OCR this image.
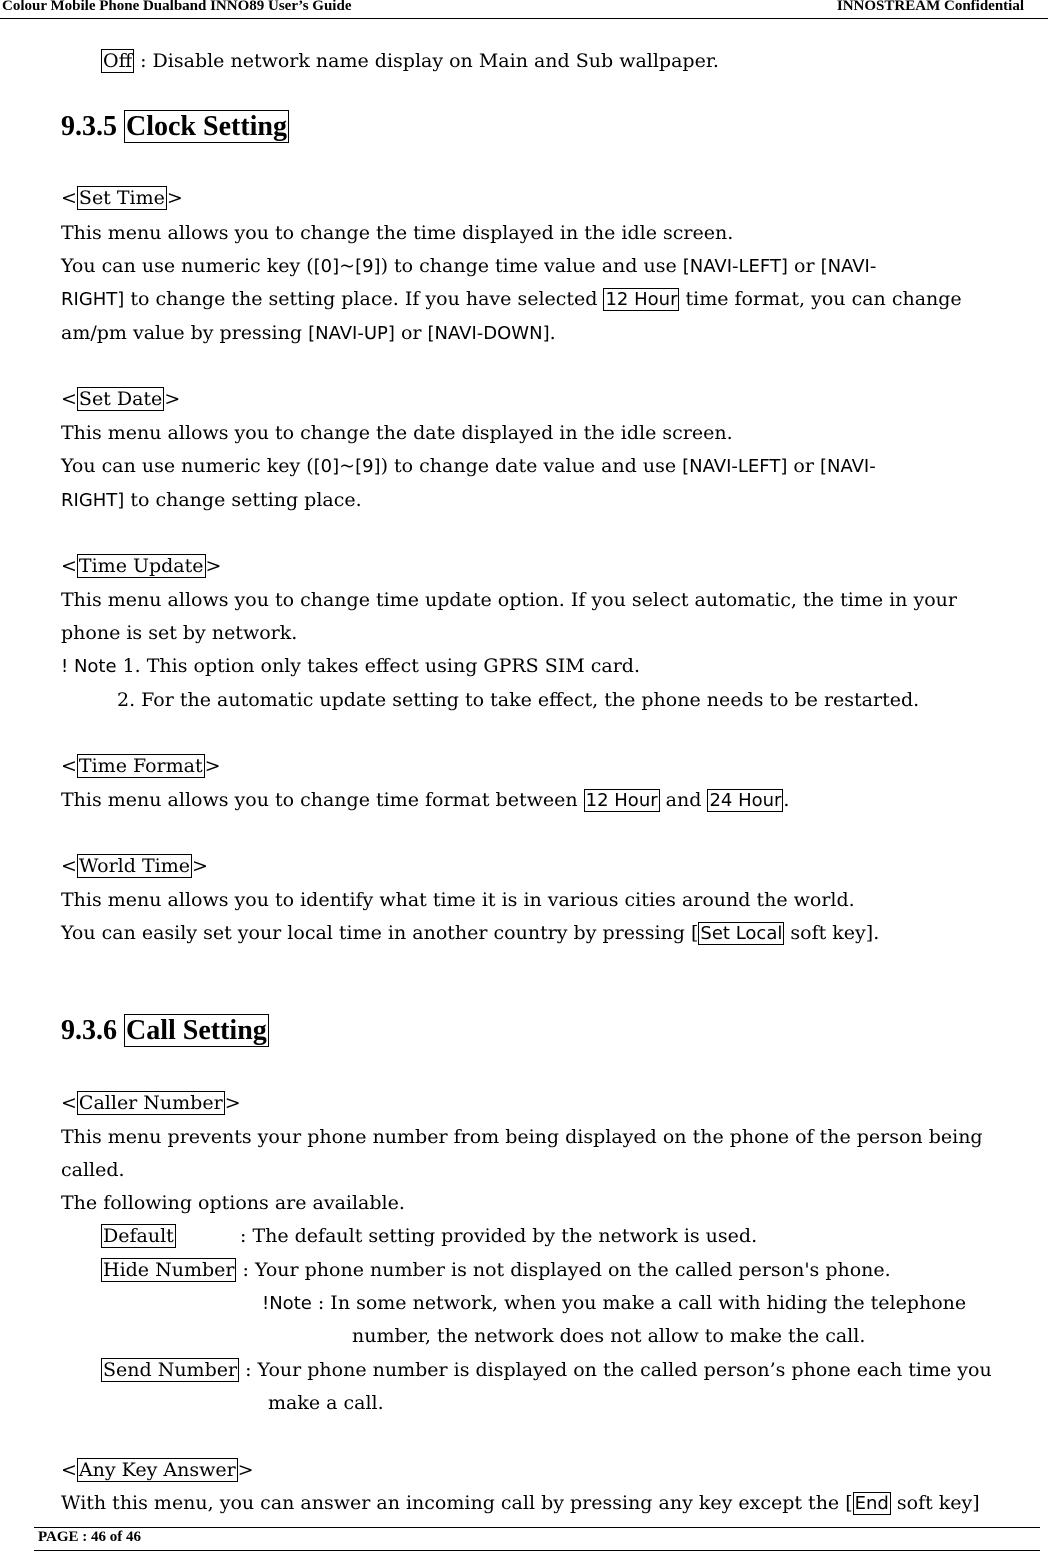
Colour Mobile Phone Dualband INNO89 User’s Guide	INNOSTREAM Confidential
Off : Disable network name display on Main and Sub wallpaper.
9.3.5 Clock Setting
< Set Time >
This menu allows you to change the time displayed in the idle screen.
You can use numeric key ([0]~[9]) to change time value and use [NAVI-LEFT] or [NAVI-
RIGHT] to change the setting place. If you have selected 12 Hour time format, you can change
am/pm value by pressing [NAVI-UP] or [NAVI-DOWN].
< Set Date >
This menu allows you to change the date displayed in the idle screen.
You can use numeric key ([0]~[9]) to change date value and use [NAVI-LEFT] or [NAVI-
RIGHT] to change setting place.
< Time Update >
This menu allows you to change time update option. If you select automatic, the time in your
phone is set by network.
! Note 1. This option only takes effect using GPRS SIM card.
2. For the automatic update setting to take effect, the phone needs to be restarted.
< Time Format >
This menu allows you to change time format between 12 Hour and 24 Hour .
< World Time >
This menu allows you to identify what time it is in various cities around the world.
You can easily set your local time in another country by pressing [ Set Local soft key].
9.3.6 Call Setting
< Caller Number >
This menu prevents your phone number from being displayed on the phone of the person being
called.
The following options are available.
Default	: The default setting provided by the network is used.
Hide Number : Your phone number is not displayed on the called person's phone.
!Note : In some network, when you make a call with hiding the telephone
number, the network does not allow to make the call.
Send Number : Your phone number is displayed on the called person’s phone each time you
make a call.
< Any Key Answer >
With this menu, you can answer an incoming call by pressing any key except the [ End soft key]
PAGE : 46 of 46
